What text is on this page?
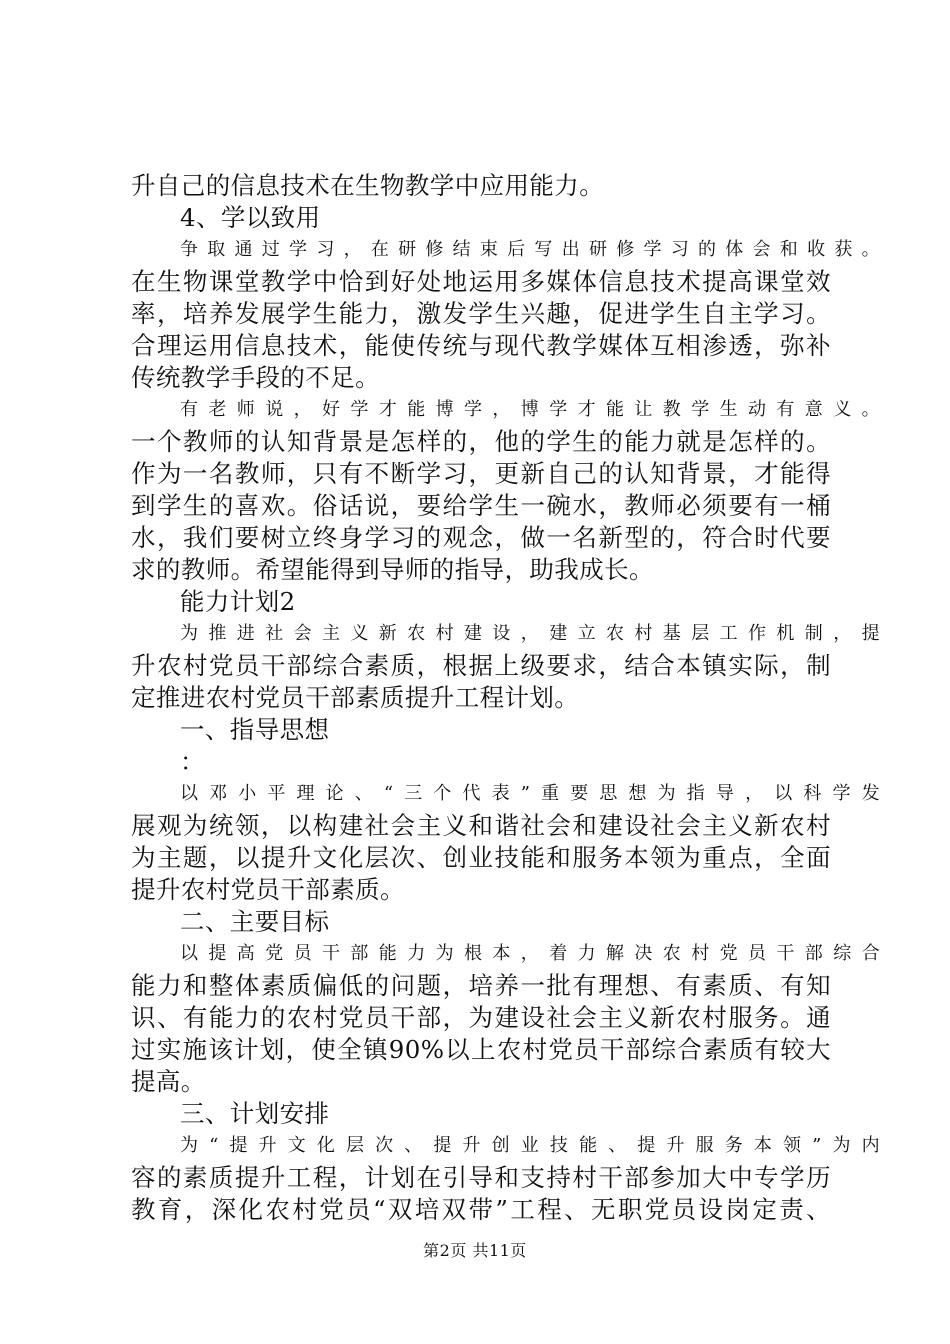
升自己的信息技术在生物教学中应用能力。
4、学以致用
争取通过学习，在研修结束后写出研修学习的体会和收获。
在生物课堂教学中恰到好处地运用多媒体信息技术提高课堂效
率，培养发展学生能力，激发学生兴趣，促进学生自主学习。
合理运用信息技术，能使传统与现代教学媒体互相渗透，弥补
传统教学手段的不足。
有老师说，好学才能博学，博学才能让教学生动有意义。
一个教师的认知背景是怎样的，他的学生的能力就是怎样的。
作为一名教师，只有不断学习，更新自己的认知背景，才能得
到学生的喜欢。俗话说，要给学生一碗水，教师必须要有一桶
水，我们要树立终身学习的观念，做一名新型的，符合时代要
求的教师。希望能得到导师的指导，助我成长。
能力计划2
为推进社会主义新农村建设，建立农村基层工作机制，提
升农村党员干部综合素质，根据上级要求，结合本镇实际，制
定推进农村党员干部素质提升工程计划。
一、指导思想
：
以邓小平理论、“三个代表”重要思想为指导，以科学发
展观为统领，以构建社会主义和谐社会和建设社会主义新农村
为主题，以提升文化层次、创业技能和服务本领为重点，全面
提升农村党员干部素质。
二、主要目标
以提高党员干部能力为根本，着力解决农村党员干部综合
能力和整体素质偏低的问题，培养一批有理想、有素质、有知
识、有能力的农村党员干部，为建设社会主义新农村服务。通
过实施该计划，使全镇90%以上农村党员干部综合素质有较大
提高。
三、计划安排
为“提升文化层次、提升创业技能、提升服务本领”为内
容的素质提升工程，计划在引导和支持村干部参加大中专学历
教育，深化农村党员“双培双带”工程、无职党员设岗定责、
第2页 共11页
